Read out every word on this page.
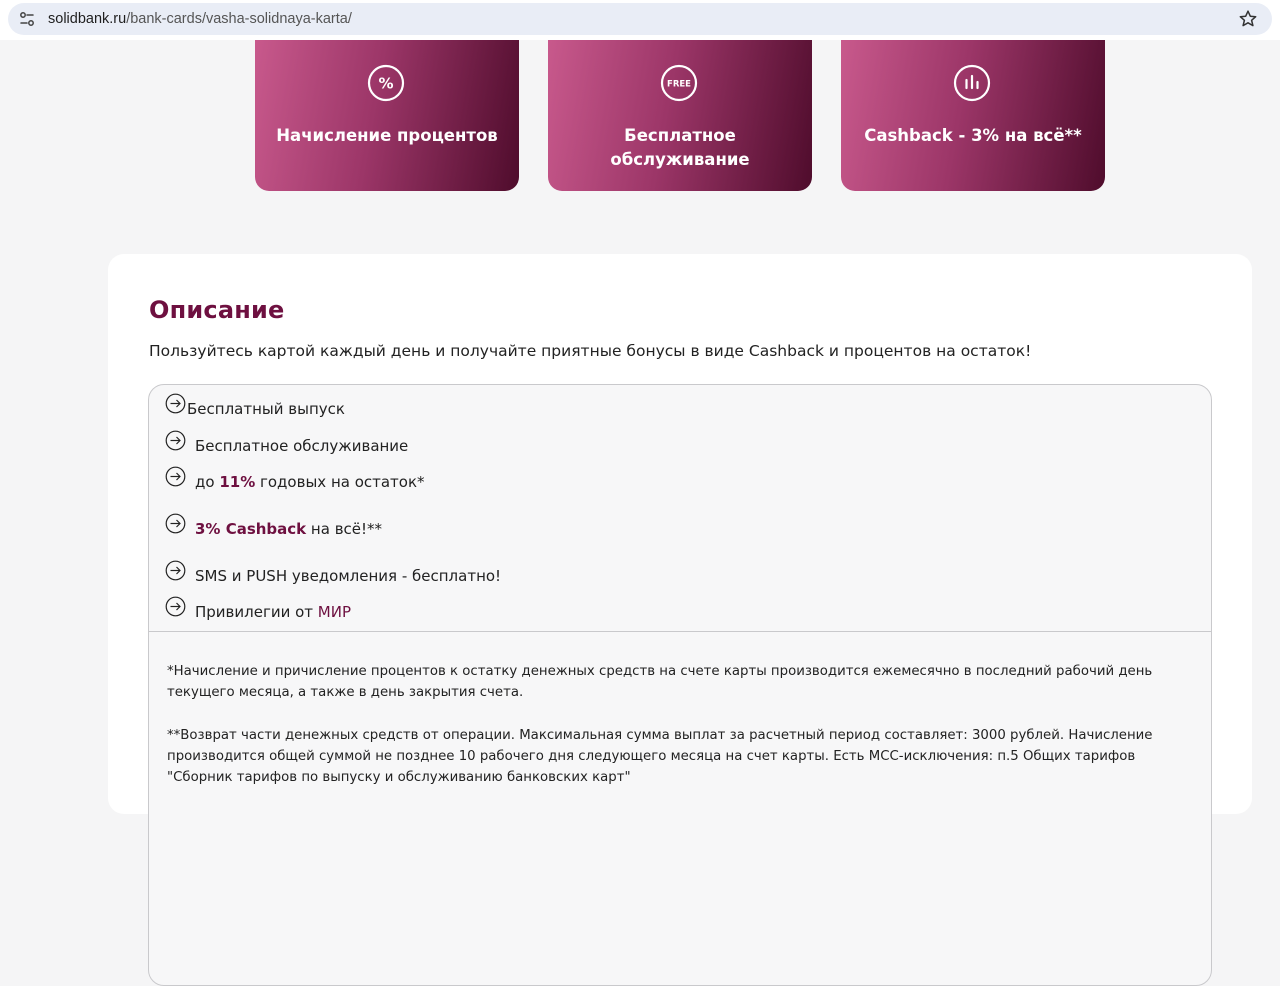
solidbank.ru/bank-cards/vasha-solidnaya-karta/
%
Начисление процентов
FREE
Бесплатное обслуживание
Cashback - 3% на всё**
Описание
Пользуйтесь картой каждый день и получайте приятные бонусы в виде Cashback и процентов на остаток!
Бесплатный выпуск
Бесплатное обслуживание
до 11% годовых на остаток*
3% Cashback на всё!**
SMS и PUSH уведомления - бесплатно!
Привилегии от МИР
*Начисление и причисление процентов к остатку денежных средств на счете карты производится ежемесячно в последний рабочий день текущего месяца, а также в день закрытия счета.
**Возврат части денежных средств от операции. Максимальная сумма выплат за расчетный период составляет: 3000 рублей. Начисление производится общей суммой не позднее 10 рабочего дня следующего месяца на счет карты. Есть MCC-исключения: п.5 Общих тарифов "Сборник тарифов по выпуску и обслуживанию банковских карт"
